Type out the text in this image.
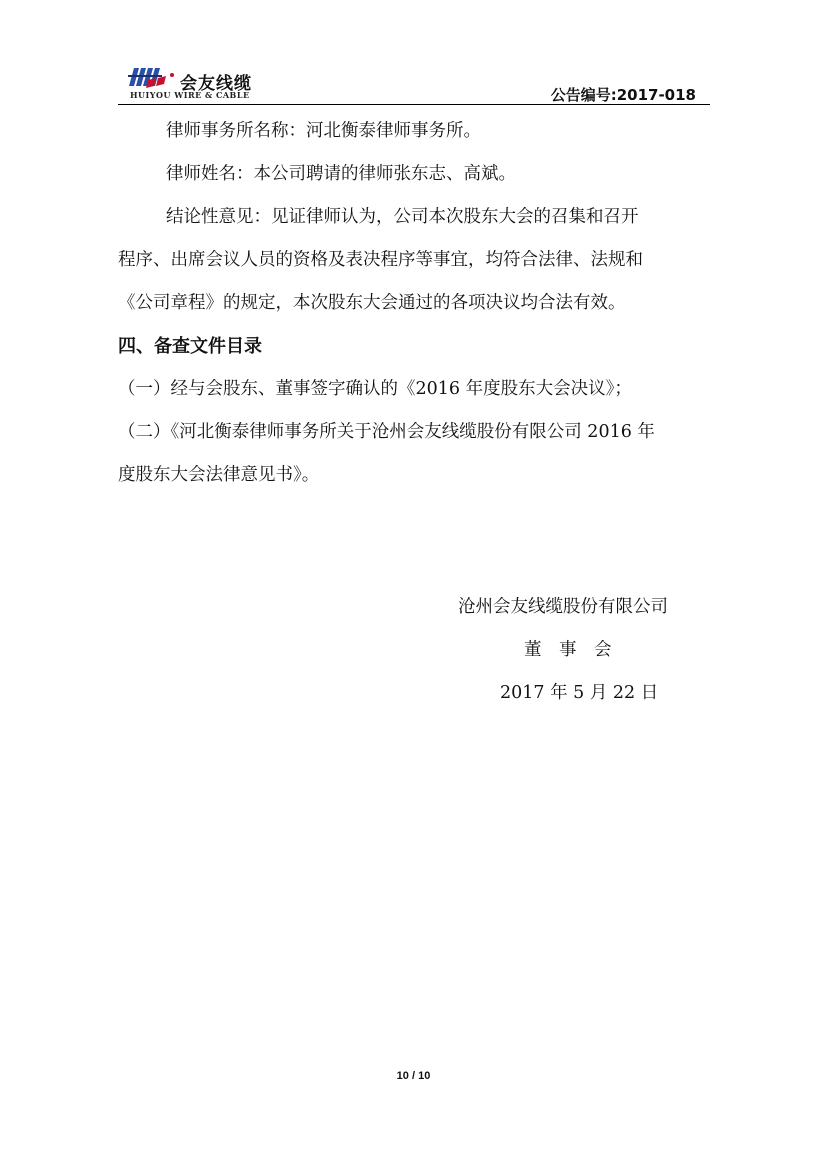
会友线缆
HUIYOU WIRE & CABLE	公告编号:2017-018

律师事务所名称：河北衡泰律师事务所。

律师姓名：本公司聘请的律师张东志、高斌。

结论性意见：见证律师认为，公司本次股东大会的召集和召开

程序、出席会议人员的资格及表决程序等事宜，均符合法律、法规和

《公司章程》的规定，本次股东大会通过的各项决议均合法有效。

四、备查文件目录

（一）经与会股东、董事签字确认的《2016 年度股东大会决议》；

（二）《河北衡泰律师事务所关于沧州会友线缆股份有限公司 2016 年

度股东大会法律意见书》。

沧州会友线缆股份有限公司
董　事　会
2017 年 5 月 22 日
10 / 10
